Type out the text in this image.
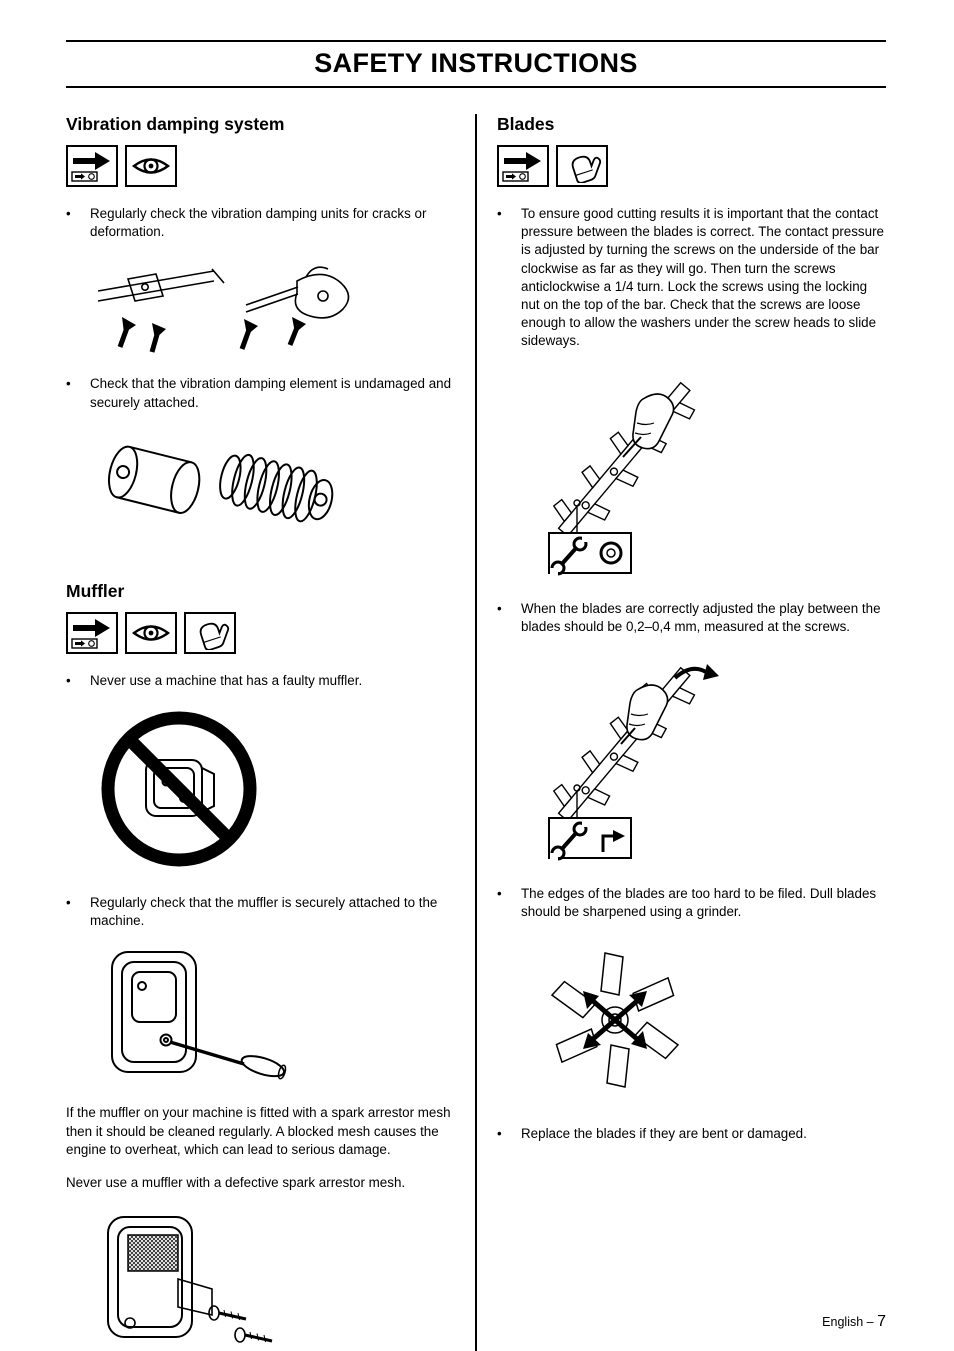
SAFETY INSTRUCTIONS
Vibration damping system
•	Regularly check the vibration damping units for cracks or deformation.
•	Check that the vibration damping element is undamaged and securely attached.
Muffler
•	Never use a machine that has a faulty muffler.
•	Regularly check that the muffler is securely attached to the machine.

If the muffler on your machine is fitted with a spark arrestor mesh then it should be cleaned regularly. A blocked mesh causes the engine to overheat, which can lead to serious damage.

Never use a muffler with a defective spark arrestor mesh.

Blades
•	To ensure good cutting results it is important that the contact pressure between the blades is correct. The contact pressure is adjusted by turning the screws on the underside of the bar clockwise as far as they will go. Then turn the screws anticlockwise a 1/4 turn. Lock the screws using the locking nut on the top of the bar. Check that the screws are loose enough to allow the washers under the screw heads to slide sideways.
•	When the blades are correctly adjusted the play between the blades should be 0,2–0,4 mm, measured at the screws.
•	The edges of the blades are too hard to be filed. Dull blades should be sharpened using a grinder.
•	Replace the blades if they are bent or damaged.
English – 7
